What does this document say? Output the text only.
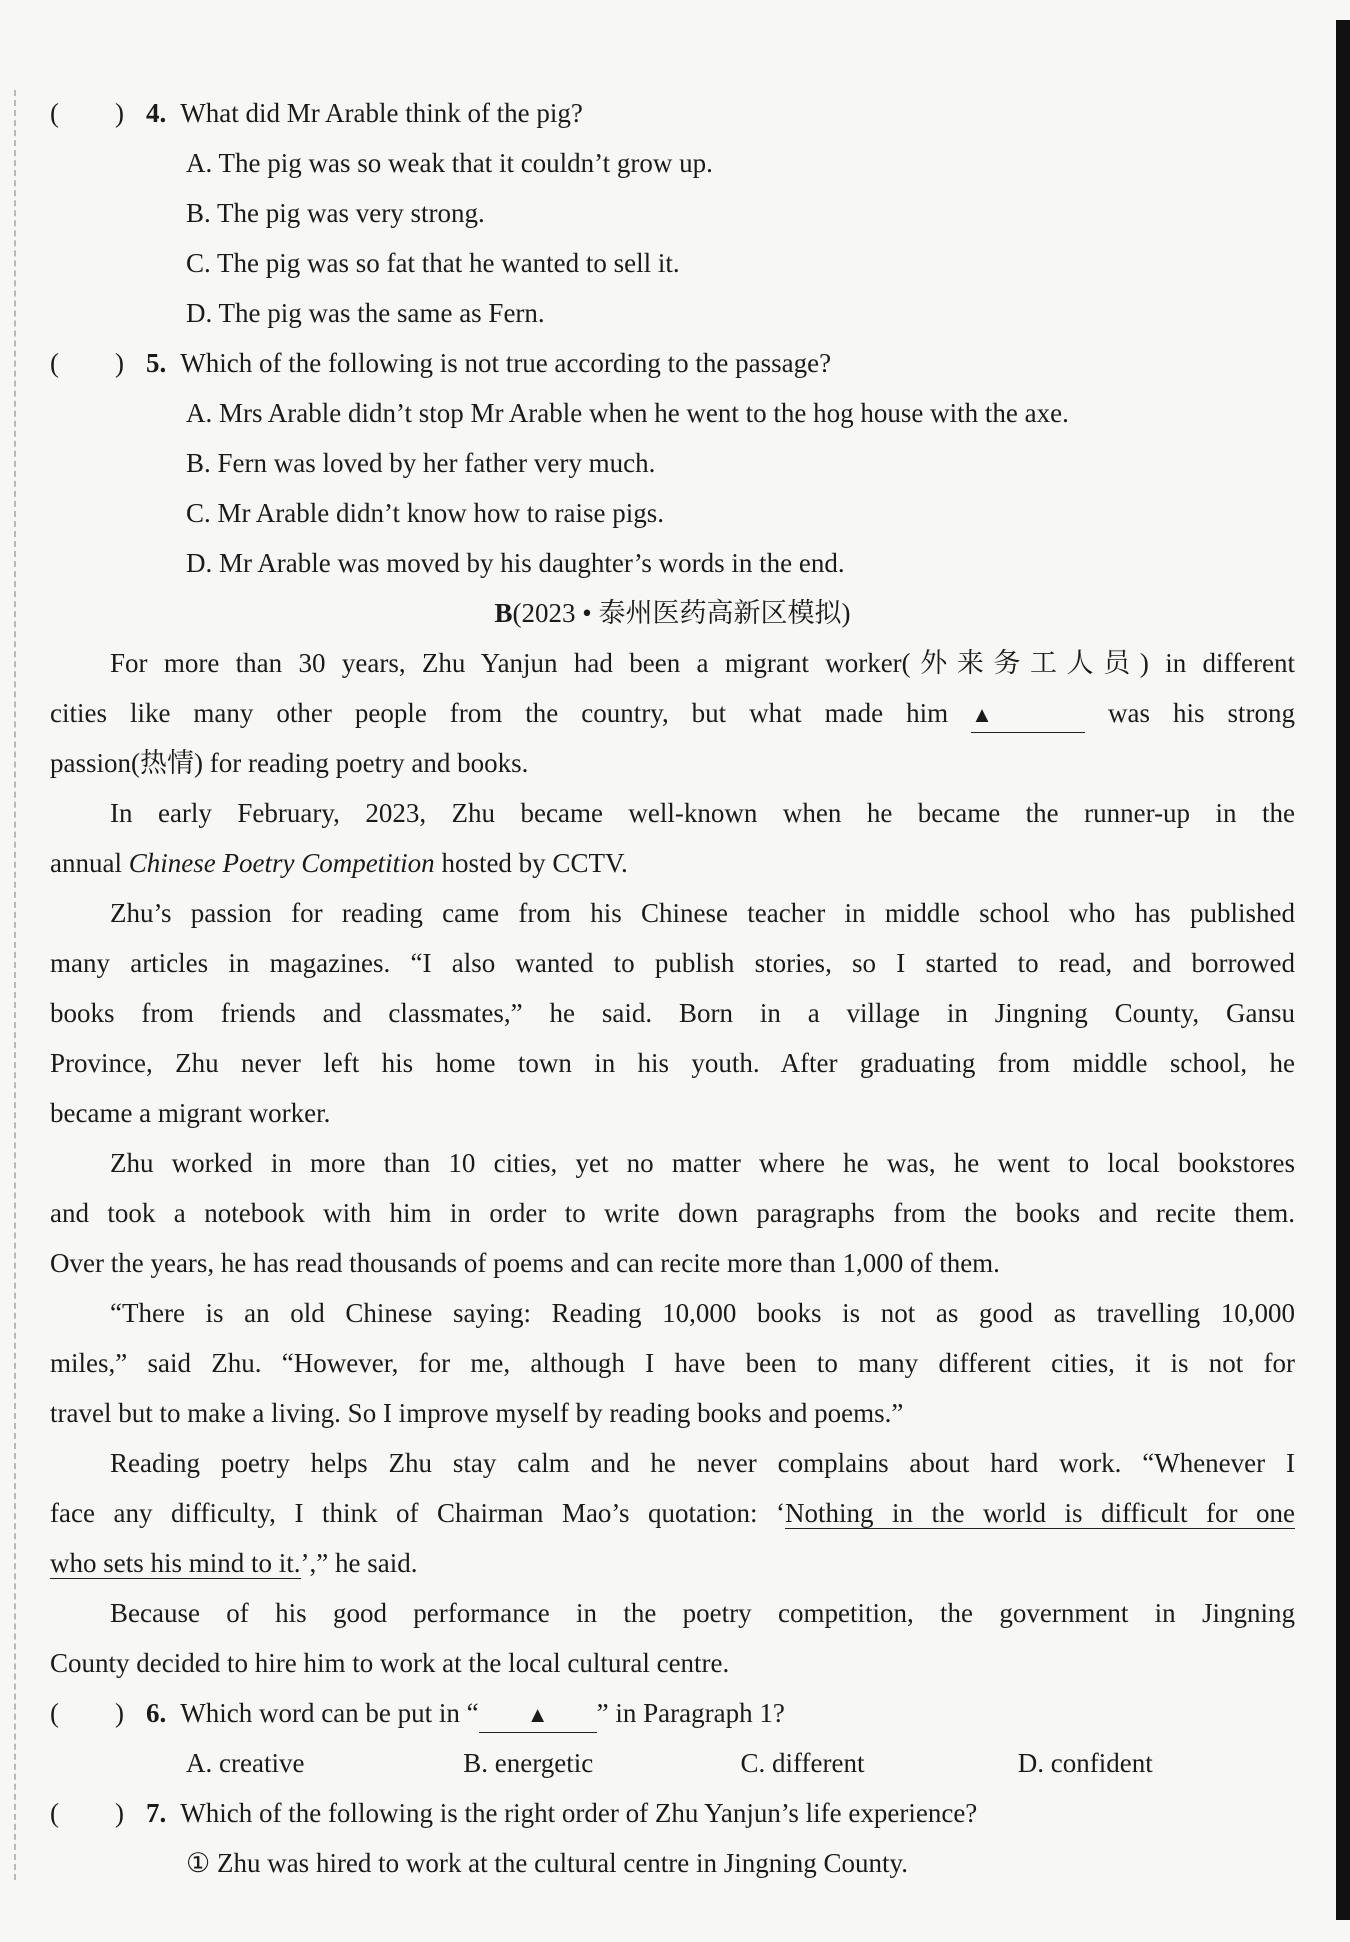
( ) 4. What did Mr Arable think of the pig?
A. The pig was so weak that it couldn’t grow up.
B. The pig was very strong.
C. The pig was so fat that he wanted to sell it.
D. The pig was the same as Fern.
( ) 5. Which of the following is not true according to the passage?
A. Mrs Arable didn’t stop Mr Arable when he went to the hog house with the axe.
B. Fern was loved by her father very much.
C. Mr Arable didn’t know how to raise pigs.
D. Mr Arable was moved by his daughter’s words in the end.
B(2023 • 泰州医药高新区模拟)
For more than 30 years, Zhu Yanjun had been a migrant worker(外来务工人员) in different
cities like many other people from the country, but what made him ▲	was his strong
passion(热情) for reading poetry and books.
In early February, 2023, Zhu became well-known when he became the runner-up in the
annual Chinese Poetry Competition hosted by CCTV.
Zhu’s passion for reading came from his Chinese teacher in middle school who has published
many articles in magazines. “I also wanted to publish stories, so I started to read, and borrowed
books from friends and classmates,” he said. Born in a village in Jingning County, Gansu
Province, Zhu never left his home town in his youth. After graduating from middle school, he
became a migrant worker.
Zhu worked in more than 10 cities, yet no matter where he was, he went to local bookstores
and took a notebook with him in order to write down paragraphs from the books and recite them.
Over the years, he has read thousands of poems and can recite more than 1,000 of them.
“There is an old Chinese saying: Reading 10,000 books is not as good as travelling 10,000
miles,” said Zhu. “However, for me, although I have been to many different cities, it is not for
travel but to make a living. So I improve myself by reading books and poems.”
Reading poetry helps Zhu stay calm and he never complains about hard work. “Whenever I
face any difficulty, I think of Chairman Mao’s quotation: ‘Nothing in the world is difficult for one
who sets his mind to it.’,” he said.
Because of his good performance in the poetry competition, the government in Jingning
County decided to hire him to work at the local cultural centre.
( ) 6. Which word can be put in “ ▲ ” in Paragraph 1?
A. creative	B. energetic	C. different	D. confident
( ) 7. Which of the following is the right order of Zhu Yanjun’s life experience?
① Zhu was hired to work at the cultural centre in Jingning County.
